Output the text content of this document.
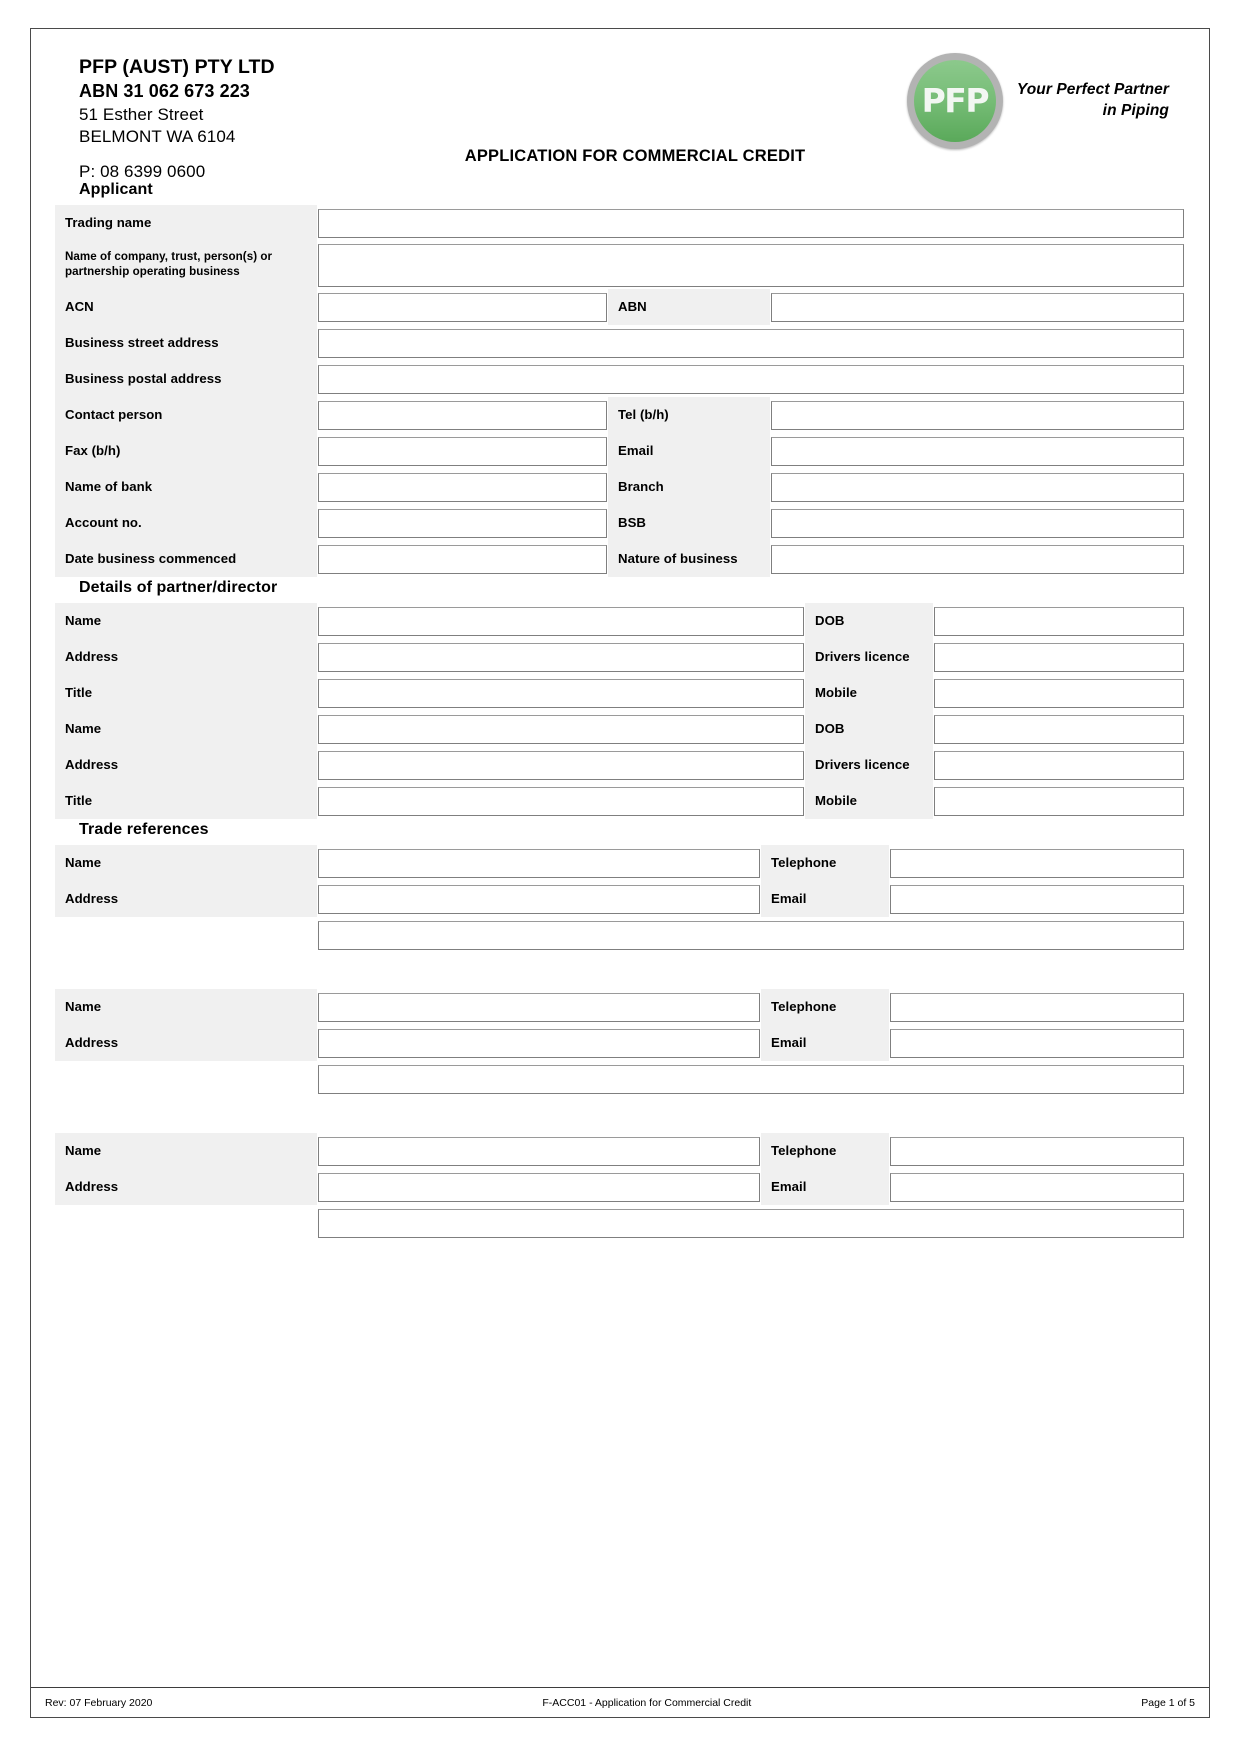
PFP (AUST) PTY LTD
ABN 31 062 673 223
51 Esther Street
BELMONT WA 6104
P: 08 6399 0600
PFP Your Perfect Partner
in Piping
APPLICATION FOR COMMERCIAL CREDIT
Applicant
Trading name			

Name of company, trust, person(s) or partnership operating business			

ACN		ABN	

Business street address			

Business postal address			

Contact person		Tel (b/h)	

Fax (b/h)		Email	

Name of bank		Branch	

Account no.		BSB	

Date business commenced		Nature of business	
Details of partner/director
Name		DOB	

Address		Drivers licence	

Title		Mobile	

Name		DOB	

Address		Drivers licence	

Title		Mobile	
Trade references
Name		Telephone	

Address		Email	

Name		Telephone	

Address		Email	

Name		Telephone	

Address		Email	

Rev: 07 February 2020	F-ACC01 - Application for Commercial Credit	Page 1 of 5
